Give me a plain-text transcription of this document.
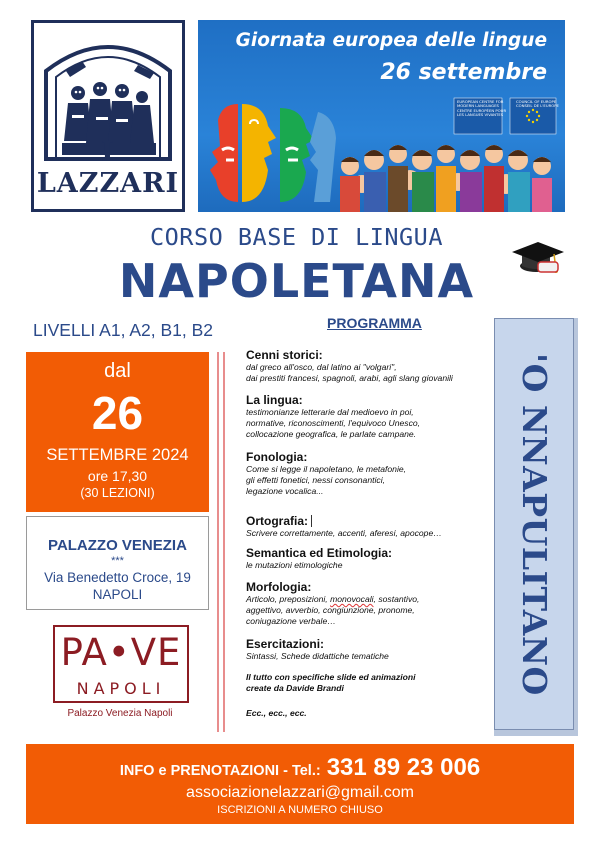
I LAZZARI
Giornata europea delle lingue
26 settembre
EUROPEAN CENTRE FOR
MODERN LANGUAGES
CENTRE EUROPÉEN POUR
LES LANGUES VIVANTES
COUNCIL OF EUROPE
CONSEIL DE L'EUROPE
CORSO BASE DI LINGUA
NAPOLETANA
LIVELLI A1, A2, B1, B2	PROGRAMMA
dal
26
SETTEMBRE 2024
ore 17,30
(30 LEZIONI)
PALAZZO VENEZIA
***
Via Benedetto Croce, 19
NAPOLI
PA•VE
NAPOLI
Palazzo Venezia Napoli
Cenni storici:
dal greco all'osco, dal latino ai "volgari",
dai prestiti francesi, spagnoli, arabi, agli slang giovanili
La lingua:
testimonianze letterarie dal medioevo in poi,
normative, riconoscimenti, l'equivoco Unesco,
collocazione geografica, le parlate campane.
Fonologia:
Come si legge il napoletano, le metafonie,
gli effetti fonetici, nessi consonantici,
legazione vocalica...
Ortografia:
Scrivere correttamente, accenti, aferesi, apocope…
Semantica ed Etimologia:
le mutazioni etimologiche
Morfologia:
Articolo, preposizioni, monovocali, sostantivo,
aggettivo, avverbio, congiunzione, pronome,
coniugazione verbale…
Esercitazioni:
Sintassi, Schede didattiche tematiche
Il tutto con specifiche slide ed animazioni
create da Davide Brandi
Ecc., ecc., ecc.
'O NNAPULITANO
INFO e PRENOTAZIONI - Tel.: 331 89 23 006
associazionelazzari@gmail.com
ISCRIZIONI A NUMERO CHIUSO
